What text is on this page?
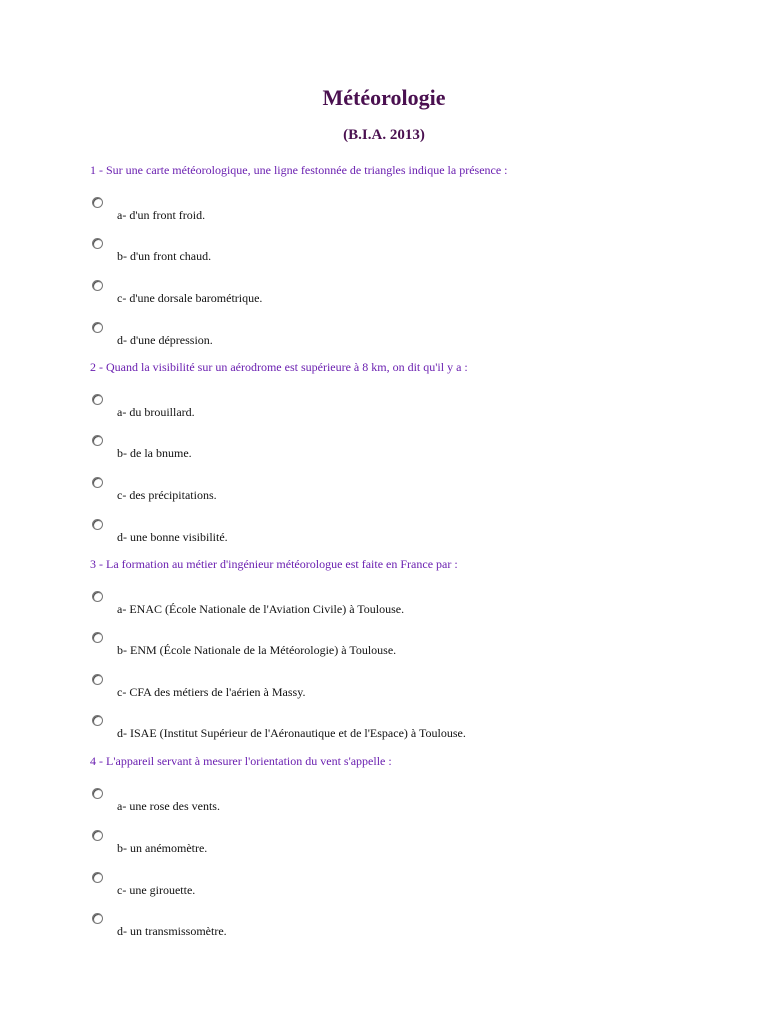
Météorologie
(B.I.A. 2013)
1 - Sur une carte météorologique, une ligne festonnée de triangles indique la présence :
a- d'un front froid.
b- d'un front chaud.
c- d'une dorsale barométrique.
d- d'une dépression.
2 - Quand la visibilité sur un aérodrome est supérieure à 8 km, on dit qu'il y a :
a- du brouillard.
b- de la bnume.
c- des précipitations.
d- une bonne visibilité.
3 - La formation au métier d'ingénieur météorologue est faite en France par :
a- ENAC (École Nationale de l'Aviation Civile) à Toulouse.
b- ENM (École Nationale de la Météorologie) à Toulouse.
c- CFA des métiers de l'aérien à Massy.
d- ISAE (Institut Supérieur de l'Aéronautique et de l'Espace) à Toulouse.
4 - L'appareil servant à mesurer l'orientation du vent s'appelle :
a- une rose des vents.
b- un anémomètre.
c- une girouette.
d- un transmissomètre.
